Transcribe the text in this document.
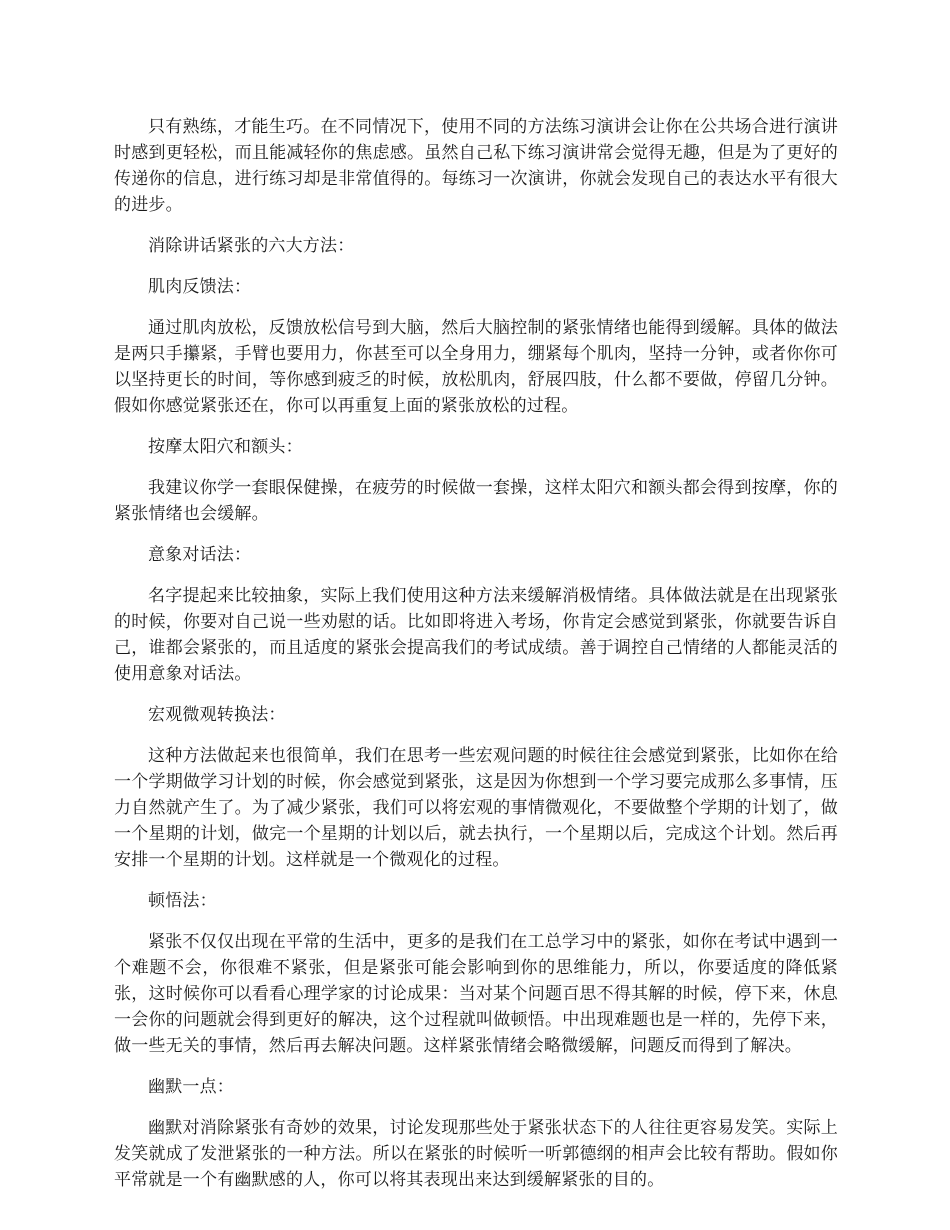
只有熟练，才能生巧。在不同情况下，使用不同的方法练习演讲会让你在公共场合进行演讲时感到更轻松，而且能减轻你的焦虑感。虽然自己私下练习演讲常会觉得无趣，但是为了更好的传递你的信息，进行练习却是非常值得的。每练习一次演讲，你就会发现自己的表达水平有很大的进步。

消除讲话紧张的六大方法：

肌肉反馈法：

通过肌肉放松，反馈放松信号到大脑，然后大脑控制的紧张情绪也能得到缓解。具体的做法是两只手攥紧，手臂也要用力，你甚至可以全身用力，绷紧每个肌肉，坚持一分钟，或者你你可以坚持更长的时间，等你感到疲乏的时候，放松肌肉，舒展四肢，什么都不要做，停留几分钟。假如你感觉紧张还在，你可以再重复上面的紧张放松的过程。

按摩太阳穴和额头：

我建议你学一套眼保健操，在疲劳的时候做一套操，这样太阳穴和额头都会得到按摩，你的紧张情绪也会缓解。

意象对话法：

名字提起来比较抽象，实际上我们使用这种方法来缓解消极情绪。具体做法就是在出现紧张的时候，你要对自己说一些劝慰的话。比如即将进入考场，你肯定会感觉到紧张，你就要告诉自己，谁都会紧张的，而且适度的紧张会提高我们的考试成绩。善于调控自己情绪的人都能灵活的使用意象对话法。

宏观微观转换法：

这种方法做起来也很简单，我们在思考一些宏观问题的时候往往会感觉到紧张，比如你在给一个学期做学习计划的时候，你会感觉到紧张，这是因为你想到一个学习要完成那么多事情，压力自然就产生了。为了减少紧张，我们可以将宏观的事情微观化，不要做整个学期的计划了，做一个星期的计划，做完一个星期的计划以后，就去执行，一个星期以后，完成这个计划。然后再安排一个星期的计划。这样就是一个微观化的过程。

顿悟法：

紧张不仅仅出现在平常的生活中，更多的是我们在工总学习中的紧张，如你在考试中遇到一个难题不会，你很难不紧张，但是紧张可能会影响到你的思维能力，所以，你要适度的降低紧张，这时候你可以看看心理学家的讨论成果：当对某个问题百思不得其解的时候，停下来，休息一会你的问题就会得到更好的解决，这个过程就叫做顿悟。中出现难题也是一样的，先停下来，做一些无关的事情，然后再去解决问题。这样紧张情绪会略微缓解，问题反而得到了解决。

幽默一点：

幽默对消除紧张有奇妙的效果，讨论发现那些处于紧张状态下的人往往更容易发笑。实际上发笑就成了发泄紧张的一种方法。所以在紧张的时候听一听郭德纲的相声会比较有帮助。假如你平常就是一个有幽默感的人，你可以将其表现出来达到缓解紧张的目的。
